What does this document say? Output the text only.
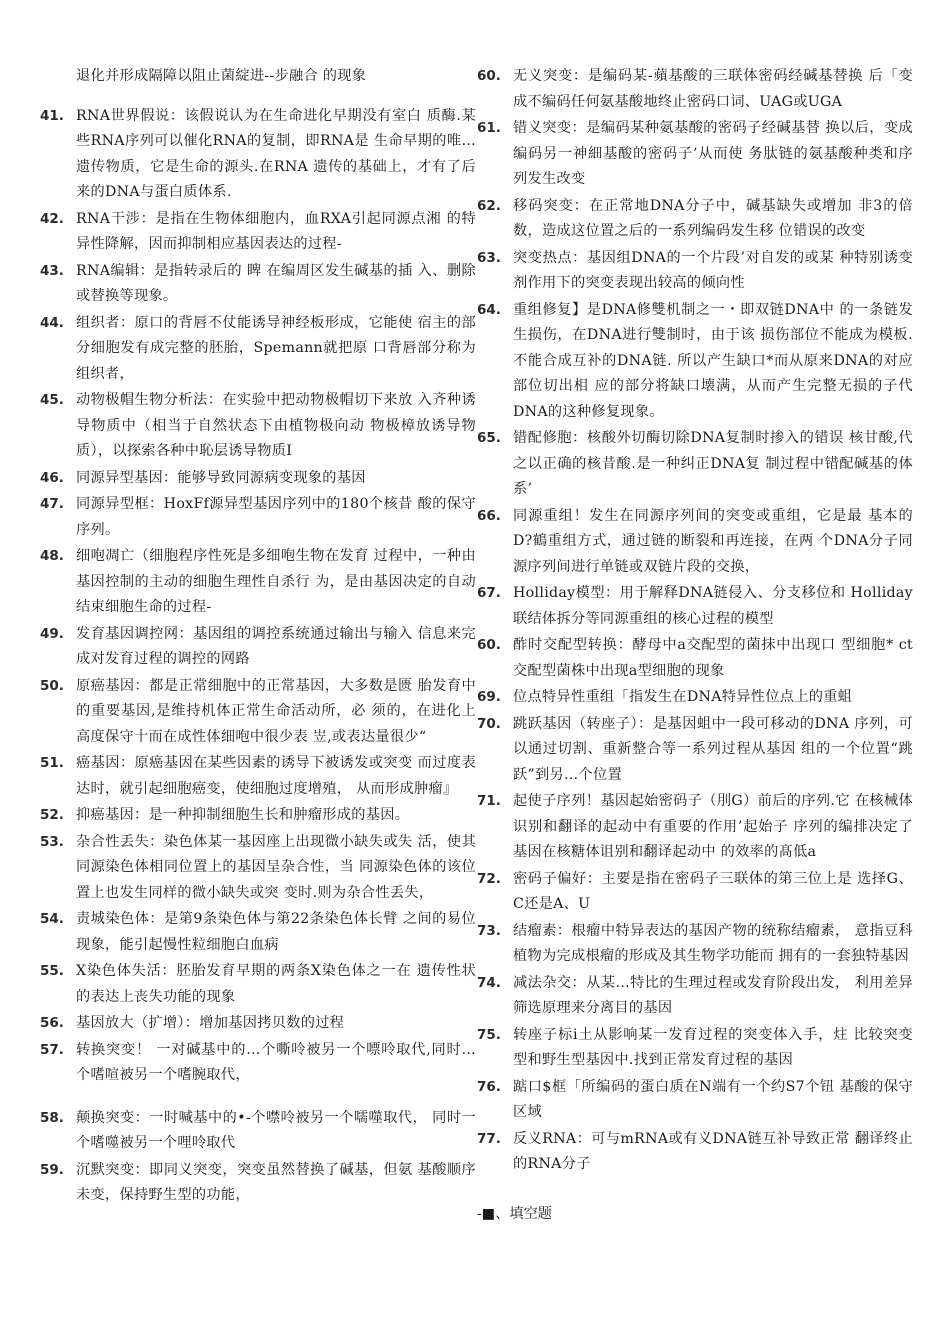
退化并形成隔障以阻止菌綻进--步融合 的现象

41. RNA世界假说：该假说认为在生命进化早期没有室白 质酶.某些RNA序列可以催化RNA的复制，即RNA是 生命早期的唯…遗传物质，它是生命的源头.在RNA 遗传的基础上，才有了后来的DNA与蛋白质体系.
42. RNA干涉：是指在生物体细胞内，血RXA引起同源点湘 的特异性降解，因而抑制相应基因表达的过程-
43. RNA编辑：是指转录后的 睥 在编周区发生碱基的插 入、删除或替换等现象。
44. 组织者：原口的背唇不仗能诱导神经板形成，它能使 宿主的部分细胞发有成完整的胚胎，Spemann就把原 口背唇部分称为组织者，
45. 动物极帽生物分析法：在实验中把动物极帽切下来放 入齐种诱导物质中（相当于自然状态下由植物极向动 物极樟放诱导物质），以探索各种中恥层诱导物质I
46. 同源异型基因：能够导致同源病变现象的基因
47. 同源异型框：HoxFf源异型基因序列中的180个核昔 酸的保守序列。
48. 细咆凋亡（细胞程序性死是多细咆生物在发育 过程中，一种由基因控制的主动的细胞生理性自杀行 为，是由基因决定的自动结束细胞生命的过程-
49. 发育基因调控网：基因组的调控系统通过输出与输入 信息来完成对发育过程的调控的网路
50. 原癌基因：都是正常细胞中的正常基因，大多数是匮 胎发育中的重要基因,是维持机体正常生命活动所，必 须的，在进化上高度保守十而在成性体细咆中很少表 岦,或表达量很少“
51. 癌基因：原癌基因在某些因素的诱导下被诱发或突变 而过度表达时，就引起细胞癌变，使细胞过度增殖， 从而形成肿瘤』
52. 抑癌基因：是一种抑制细胞生长和肿瘤形成的基因。
53. 杂合性丢失：染色体某一基因座上出现微小缺失或失 活，使其同源染色体相同位置上的基因呈杂合性，当 同源染色体的该位置上也发生同样的微小缺失或突 变时.则为杂合性丢失，
54. 责城染色体：是第9条染色体与第22条染色体长臂 之间的易位现象，能引起慢性粒细胞白血病
55. X染色体失活：胚胎发育早期的两条X染色体之一在 遗传性状的表达上丧失功能的现象
56. 基因放大（扩增）：增加基因拷贝数的过程
57. 转换突变！ 一对碱基中的…个嘶呤被另一个嘌呤取代,同时…个嗜喧被另一个嗜腕取代，
58. 颠换突变：一时喊基中的•-个噤呤被另一个嚅噬取代， 同时一个嗜噬被另一个哩呤取代
59. 沉默突变：即同义突变，突变虽然替换了碱基，但氨 基酸顺序未变，保持野生型的功能，
60. 无义突变：是编码某-蘋基酸的三联体密码经碱基替换 后「变成不编码任何氨基酸地终止密码口词、UAG或UGA
61. 错义突变：是编码某种氨基酸的密码子经碱基替 换以后，变成编码另一神細基酸的密码子’从而使 务肽链的氨基酸种类和序列发生改变
62. 移码突变：在正常地DNA分子中，碱基缺失或增加 非3的倍数，造成这位置之后的一系列编码发生移 位错误的改变
63. 突变热点：基因组DNA的一个片段’对自发的或某 种特别诱变剂作用下的突变表现出较高的倾向性
64. 重组修复】是DNA修雙机制之一・即双链DNA中 的一条链发生损伤，在DNA进行雙制时，由于该 损伤部位不能成为模板.不能合成互补的DNA链. 所以产生缺口*而从原来DNA的对应部位切出相 应的部分将缺口壊满，从而产生完整无损的子代 DNA的这种修复现象。
65. 错配修胞：核酸外切酶切除DNA复制时掺入的错误 核甘酸,代之以正确的核昔酸.是一种纠正DNA复 制过程中错配碱基的体系’
66. 同源重组！发生在同源序列间的突变或重组，它是最 基本的D?鶴重组方式，通过链的断裂和再连接，在两 个DNA分子同源序列间进行单链或双链片段的交换，
67. Holliday模型：用于解释DNA链侵入、分支移位和 Holliday联结体拆分等同源重组的核心过程的模型
60. 酢时交配型转换：酵母中a交配型的菌抹中出现口 型细胞* ct交配型菌株中出现a型细胞的现象
69. 位点特异性重组「指发生在DNA特异性位点上的重蛆
70. 跳跃基因（转座子）：是基因蛆中一段可移动的DNA 序列，可以通过切割、重新整合等一系列过程从基因 组的一个位置“跳跃”到另…个位置
71. 起使子序列！基因起始密码子（刖G）前后的序列.它 在核械体识别和翻译的起动中有重要的作用’起始子 序列的编排决定了基因在核糖体诅别和翻译起动中 的效率的髙低a
72. 密码子偏好：主要是指在密码子三联体的第三位上是 选择G、C还是A、U
73. 结瘤素：根瘤中特异表达的基因产物的统称结瘤素， 意指豆科植物为完成根瘤的形成及其生物学功能而 拥有的一套独特基因
74. 减法杂交：从某…特比的生理过程或发育阶段出发， 利用差异筛选原理来分离目的基因
75. 转座子标i土从影响某一发育过程的突变体入手，炷 比较突变型和野生型基因中.找到正常发育过程的基因
76. 踮口$框「所编码的蛋白质在N端有一个约S7个钮 基酸的保守区域
77. 反义RNA：可与mRNA或有义DNA链互补导致正常 翻译终止的RNA分子
-■、填空题
